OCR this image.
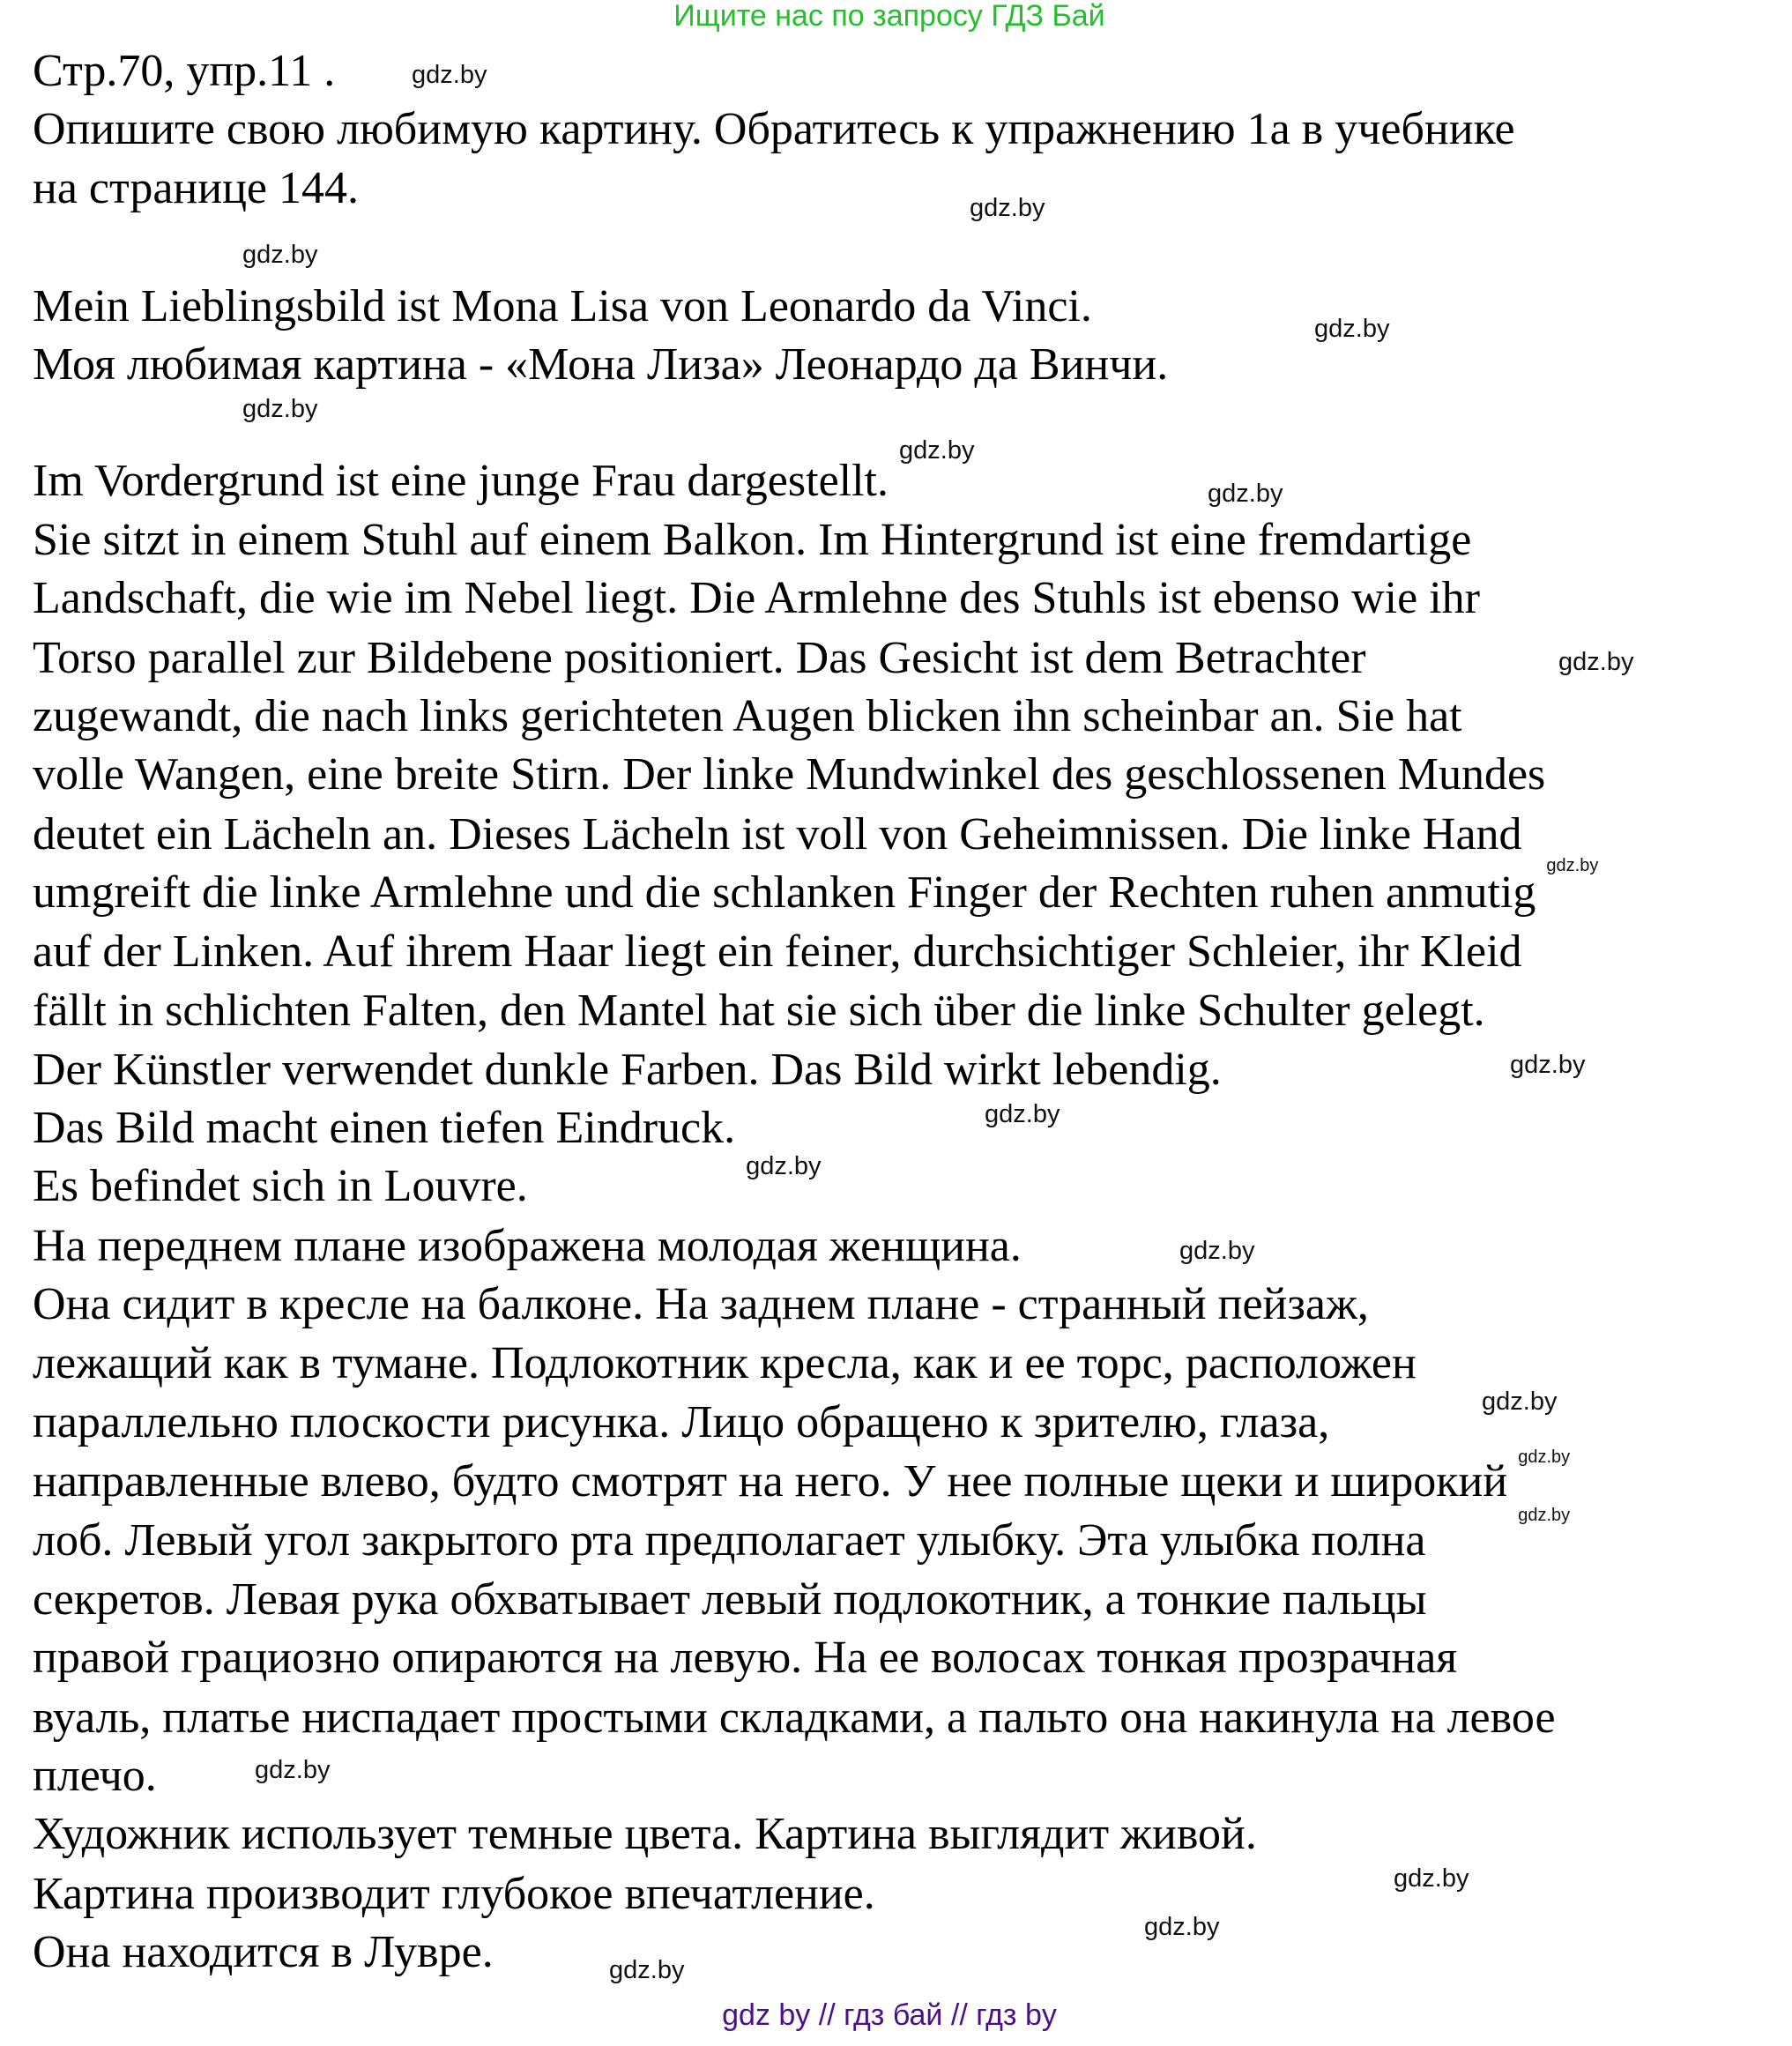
Ищите нас по запросу ГДЗ Бай
Стр.70, упр.11 .
Опишите свою любимую картину. Обратитесь к упражнению 1а в учебнике
на странице 144.
Mein Lieblingsbild ist Mona Lisa von Leonardo da Vinci.
Моя любимая картина - «Мона Лиза» Леонардо да Винчи.
Im Vordergrund ist eine junge Frau dargestellt.
Sie sitzt in einem Stuhl auf einem Balkon. Im Hintergrund ist eine fremdartige
Landschaft, die wie im Nebel liegt. Die Armlehne des Stuhls ist ebenso wie ihr
Torso parallel zur Bildebene positioniert. Das Gesicht ist dem Betrachter
zugewandt, die nach links gerichteten Augen blicken ihn scheinbar an. Sie hat
volle Wangen, eine breite Stirn. Der linke Mundwinkel des geschlossenen Mundes
deutet ein Lächeln an. Dieses Lächeln ist voll von Geheimnissen. Die linke Hand
umgreift die linke Armlehne und die schlanken Finger der Rechten ruhen anmutig
auf der Linken. Auf ihrem Haar liegt ein feiner, durchsichtiger Schleier, ihr Kleid
fällt in schlichten Falten, den Mantel hat sie sich über die linke Schulter gelegt.
Der Künstler verwendet dunkle Farben. Das Bild wirkt lebendig.
Das Bild macht einen tiefen Eindruck.
Es befindet sich in Louvre.
На переднем плане изображена молодая женщина.
Она сидит в кресле на балконе. На заднем плане - странный пейзаж,
лежащий как в тумане. Подлокотник кресла, как и ее торс, расположен
параллельно плоскости рисунка. Лицо обращено к зрителю, глаза,
направленные влево, будто смотрят на него. У нее полные щеки и широкий
лоб. Левый угол закрытого рта предполагает улыбку. Эта улыбка полна
секретов. Левая рука обхватывает левый подлокотник, а тонкие пальцы
правой грациозно опираются на левую. На ее волосах тонкая прозрачная
вуаль, платье ниспадает простыми складками, а пальто она накинула на левое
плечо.
Художник использует темные цвета. Картина выглядит живой.
Картина производит глубокое впечатление.
Она находится в Лувре.
gdz.by
gdz.by
gdz.by
gdz.by
gdz.by
gdz.by
gdz.by
gdz.by
gdz.by
gdz.by
gdz.by
gdz.by
gdz.by
gdz.by
gdz.by
gdz.by
gdz.by
gdz.by
gdz.by
gdz.by
gdz by // гдз бай // гдз by
